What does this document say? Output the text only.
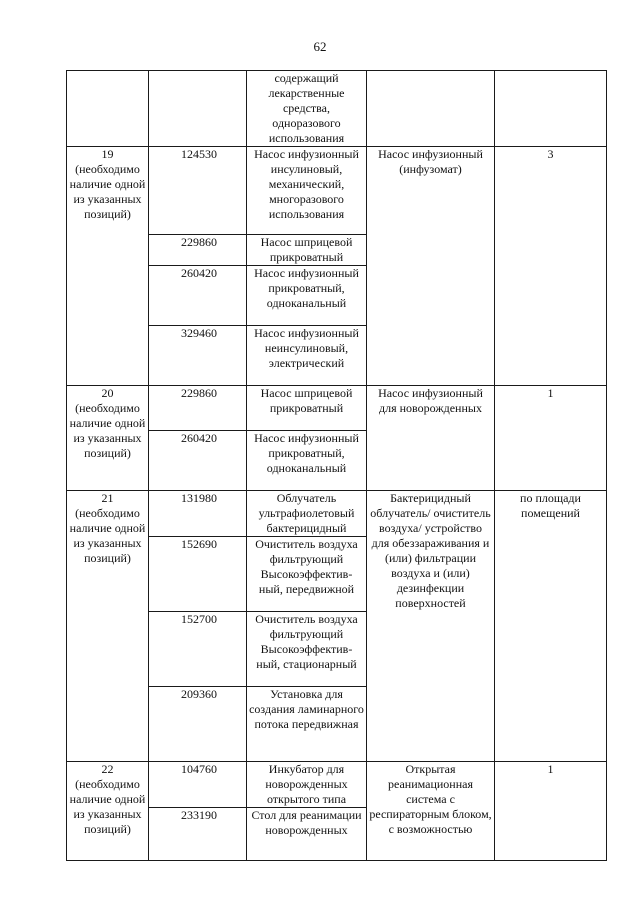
62

		содержащий лекарственные средства, одноразового использования		

19 (необходимо наличие одной из указанных позиций)	124530	Насос инфузионный инсулиновый, механический, многоразового использования	Насос инфузионный (инфузомат)	3

	229860	Насос шприцевой прикроватный		

	260420	Насос инфузионный прикроватный, одноканальный		

	329460	Насос инфузионный неинсулиновый, электрический		

20 (необходимо наличие одной из указанных позиций)	229860	Насос шприцевой прикроватный	Насос инфузионный для новорожденных	1

	260420	Насос инфузионный прикроватный, одноканальный		

21 (необходимо наличие одной из указанных позиций)	131980	Облучатель ультрафиолетовый бактерицидный	Бактерицидный облучатель/ очиститель воздуха/ устройство для обеззараживания и (или) фильтрации воздуха и (или) дезинфекции поверхностей	по площади помещений

	152690	Очиститель воздуха фильтрующий Высокоэффектив-ный, передвижной		

	152700	Очиститель воздуха фильтрующий Высокоэффектив-ный, стационарный		

	209360	Установка для создания ламинарного потока передвижная		

22 (необходимо наличие одной из указанных позиций)	104760	Инкубатор для новорожденных открытого типа	Открытая реанимационная система с респираторным блоком, с возможностью	1

	233190	Стол для реанимации новорожденных		
